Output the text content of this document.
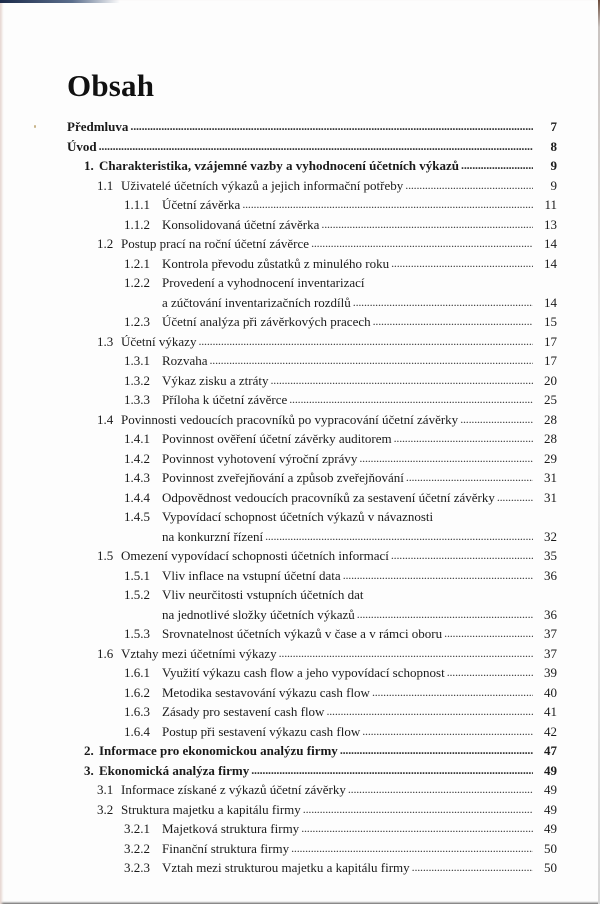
Obsah
Předmluva . . .	7
Úvod . . .	8
1. Charakteristika, vzájemné vazby a vyhodnocení účetních výkazů . . .	9
1.1 Uživatelé účetních výkazů a jejich informační potřeby . . .	9
1.1.1 Účetní závěrka . . .	11
1.1.2 Konsolidovaná účetní závěrka . . .	13
1.2 Postup prací na roční účetní závěrce . . .	14
1.2.1 Kontrola převodu zůstatků z minulého roku . . .	14
1.2.2 Provedení a vyhodnocení inventarizací
a zúčtování inventarizačních rozdílů . . .	14
1.2.3 Účetní analýza při závěrkových pracech . . .	15
1.3 Účetní výkazy . . .	17
1.3.1 Rozvaha . . .	17
1.3.2 Výkaz zisku a ztráty . . .	20
1.3.3 Příloha k účetní závěrce . . .	25
1.4 Povinnosti vedoucích pracovníků po vypracování účetní závěrky . . .	28
1.4.1 Povinnost ověření účetní závěrky auditorem . . .	28
1.4.2 Povinnost vyhotovení výroční zprávy . . .	29
1.4.3 Povinnost zveřejňování a způsob zveřejňování . . .	31
1.4.4 Odpovědnost vedoucích pracovníků za sestavení účetní závěrky . . .	31
1.4.5 Vypovídací schopnost účetních výkazů v návaznosti
na konkurzní řízení . . .	32
1.5 Omezení vypovídací schopnosti účetních informací . . .	35
1.5.1 Vliv inflace na vstupní účetní data . . .	36
1.5.2 Vliv neurčitosti vstupních účetních dat
na jednotlivé složky účetních výkazů . . .	36
1.5.3 Srovnatelnost účetních výkazů v čase a v rámci oboru . . .	37
1.6 Vztahy mezi účetními výkazy . . .	37
1.6.1 Využití výkazu cash flow a jeho vypovídací schopnost . . .	39
1.6.2 Metodika sestavování výkazu cash flow . . .	40
1.6.3 Zásady pro sestavení cash flow . . .	41
1.6.4 Postup při sestavení výkazu cash flow . . .	42
2. Informace pro ekonomickou analýzu firmy . . .	47
3. Ekonomická analýza firmy . . .	49
3.1 Informace získané z výkazů účetní závěrky . . .	49
3.2 Struktura majetku a kapitálu firmy . . .	49
3.2.1 Majetková struktura firmy . . .	49
3.2.2 Finanční struktura firmy . . .	50
3.2.3 Vztah mezi strukturou majetku a kapitálu firmy . . .	50
